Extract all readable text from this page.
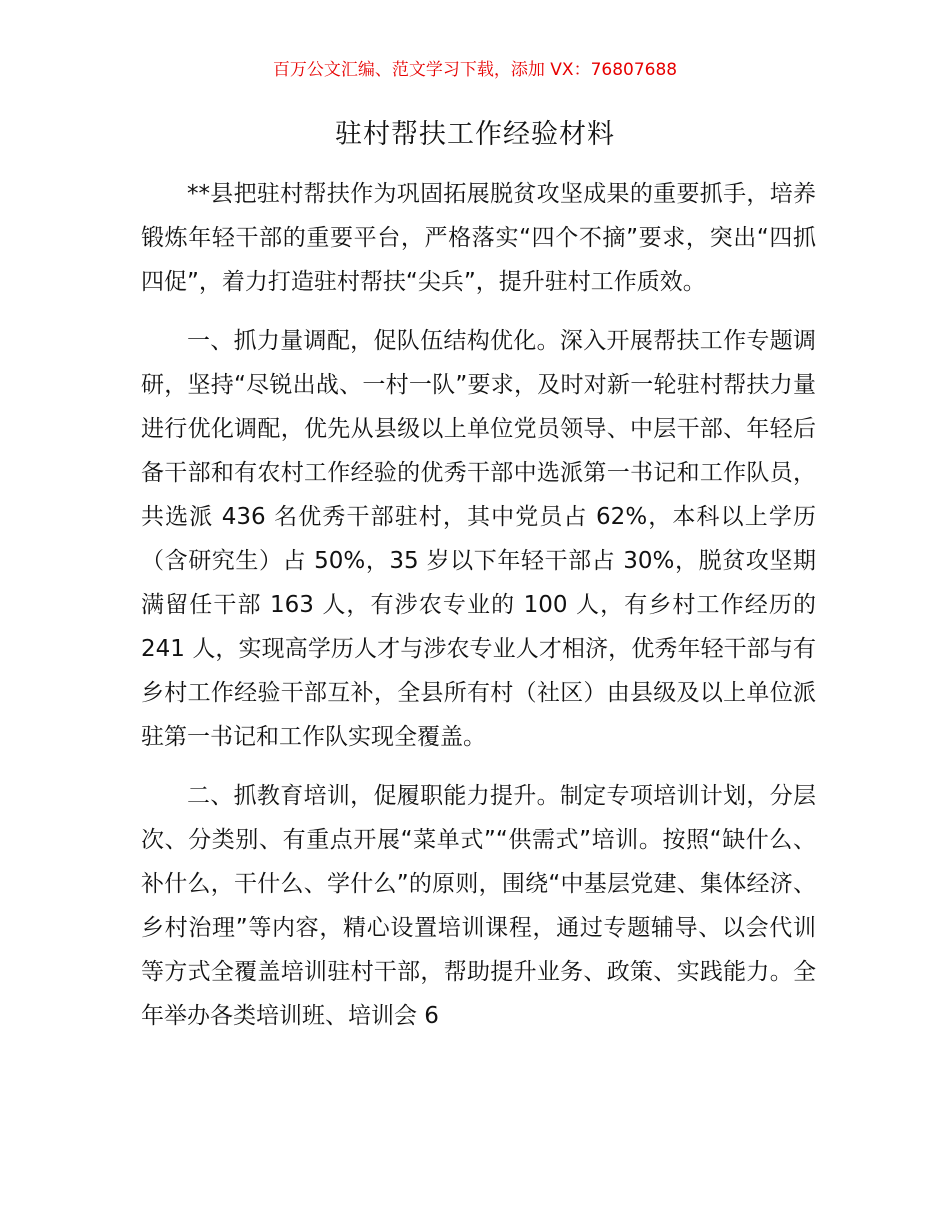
百万公文汇编、范文学习下载，添加 VX：76807688
驻村帮扶工作经验材料

**县把驻村帮扶作为巩固拓展脱贫攻坚成果的重要抓手，培养锻炼年轻干部的重要平台，严格落实“四个不摘”要求，突出“四抓四促”，着力打造驻村帮扶“尖兵”，提升驻村工作质效。

一、抓力量调配，促队伍结构优化。深入开展帮扶工作专题调研，坚持“尽锐出战、一村一队”要求，及时对新一轮驻村帮扶力量进行优化调配，优先从县级以上单位党员领导、中层干部、年轻后备干部和有农村工作经验的优秀干部中选派第一书记和工作队员，共选派 436 名优秀干部驻村，其中党员占 62%，本科以上学历（含研究生）占 50%，35 岁以下年轻干部占 30%，脱贫攻坚期满留任干部 163 人，有涉农专业的 100 人，有乡村工作经历的 241 人，实现高学历人才与涉农专业人才相济，优秀年轻干部与有乡村工作经验干部互补，全县所有村（社区）由县级及以上单位派驻第一书记和工作队实现全覆盖。

二、抓教育培训，促履职能力提升。制定专项培训计划，分层次、分类别、有重点开展“菜单式”“供需式”培训。按照“缺什么、补什么，干什么、学什么”的原则，围绕“中基层党建、集体经济、乡村治理”等内容，精心设置培训课程，通过专题辅导、以会代训等方式全覆盖培训驻村干部，帮助提升业务、政策、实践能力。全年举办各类培训班、培训会 6
